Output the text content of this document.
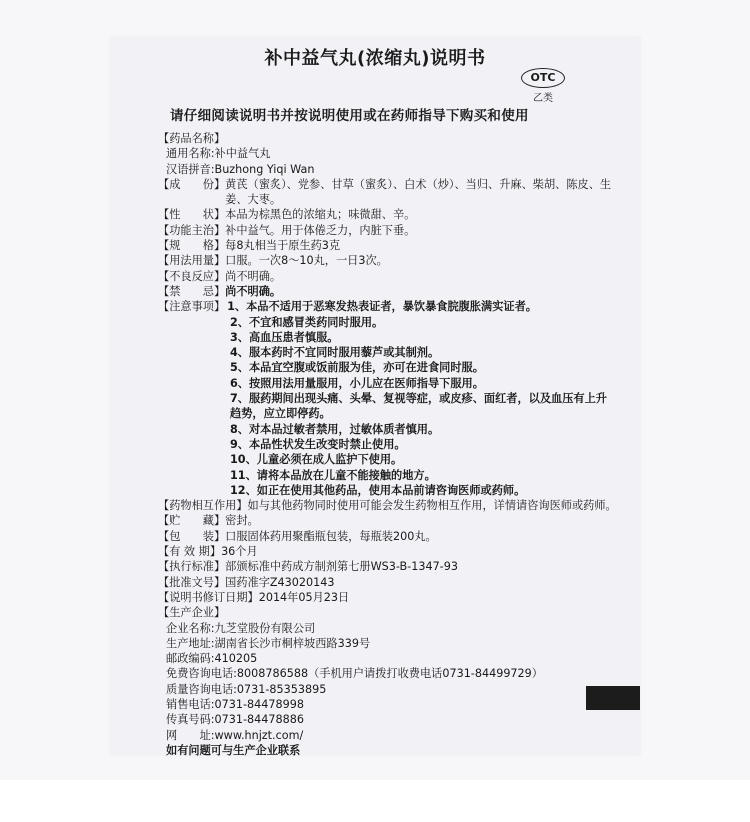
补中益气丸(浓缩丸)说明书
OTC
乙类
请仔细阅读说明书并按说明使用或在药师指导下购买和使用
【药品名称】
通用名称: 补中益气丸
汉语拼音: Buzhong Yiqi Wan
【成　　份】 黄芪（蜜炙）、党参、甘草（蜜炙）、白术（炒）、当归、升麻、柴胡、陈皮、生姜、大枣。
【性　　状】 本品为棕黑色的浓缩丸；味微甜、辛。
【功能主治】 补中益气。用于体倦乏力，内脏下垂。
【规　　格】 每8丸相当于原生药3克
【用法用量】 口服。一次8～10丸，一日3次。
【不良反应】 尚不明确。
【禁　　忌】 尚不明确。
【注意事项】 1、本品不适用于恶寒发热表证者，暴饮暴食脘腹胀满实证者。
2、不宜和感冒类药同时服用。
3、高血压患者慎服。
4、服本药时不宜同时服用藜芦或其制剂。
5、本品宜空腹或饭前服为佳，亦可在进食同时服。
6、按照用法用量服用，小儿应在医师指导下服用。
7、服药期间出现头痛、头晕、复视等症，或皮疹、面红者，以及血压有上升趋势，应立即停药。
8、对本品过敏者禁用，过敏体质者慎用。
9、本品性状发生改变时禁止使用。
10、儿童必须在成人监护下使用。
11、请将本品放在儿童不能接触的地方。
12、如正在使用其他药品，使用本品前请咨询医师或药师。
【药物相互作用】 如与其他药物同时使用可能会发生药物相互作用，详情请咨询医师或药师。
【贮　　藏】 密封。
【包　　装】 口服固体药用聚酯瓶包装，每瓶装200丸。
【有 效 期】 36个月
【执行标准】 部颁标准中药成方制剂第七册WS3-B-1347-93
【批准文号】 国药准字Z43020143
【说明书修订日期】 2014年05月23日
【生产企业】
企业名称: 九芝堂股份有限公司
生产地址: 湖南省长沙市桐梓坡西路339号
邮政编码: 410205
免费咨询电话: 8008786588（手机用户请拨打收费电话0731-84499729）
质量咨询电话: 0731-85353895
销售电话: 0731-84478998
传真号码: 0731-84478886
网　　址: www.hnjzt.com/
如有问题可与生产企业联系
